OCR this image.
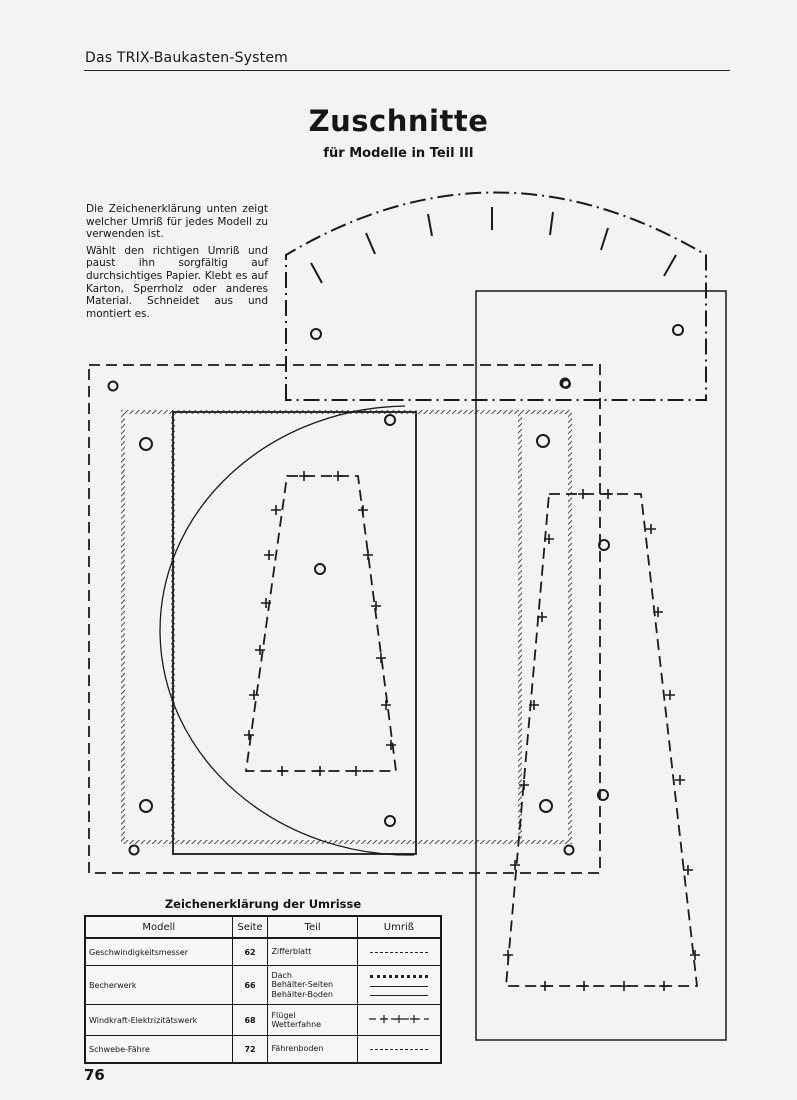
Das TRIX-Baukasten-System
Zuschnitte
für Modelle in Teil III

Die Zeichenerklärung unten zeigt welcher Umriß für jedes Modell zu verwenden ist.

Wählt den richtigen Umriß und paust ihn sorgfältig auf durchsichtiges Papier. Klebt es auf Karton, Sperrholz oder anderes Material. Schneidet aus und montiert es.

Zeichenerklärung der Umrisse
Modell	Seite	Teil	Umriß
Geschwindigkeitsmesser	62	Zifferblatt	

Becherwerk	66	Dach
Behälter-Seiten
Behälter-Boden	

Windkraft-Elektrizitätswerk	68	Flügel
Wetterfahne	
Schwebe-Fähre	72	Fährenboden	
76
